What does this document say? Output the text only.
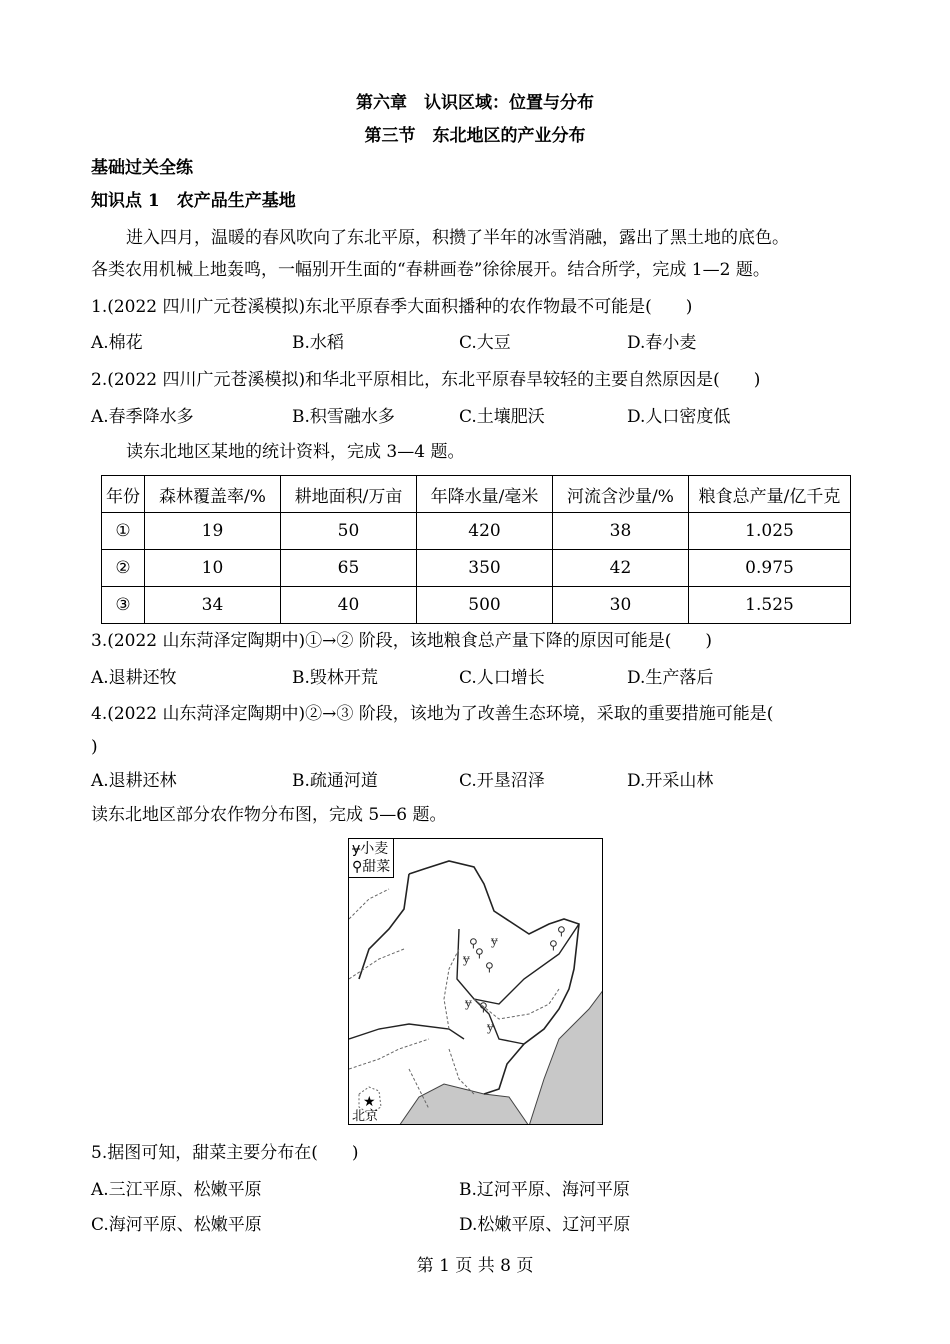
第六章　认识区域：位置与分布
第三节　东北地区的产业分布
基础过关全练
知识点 1　农产品生产基地
进入四月，温暖的春风吹向了东北平原，积攒了半年的冰雪消融，露出了黑土地的底色。
各类农用机械上地轰鸣，一幅别开生面的“春耕画卷”徐徐展开。结合所学，完成 1—2 题。
1.(2022 四川广元苍溪模拟)东北平原春季大面积播种的农作物最不可能是(　　)
A.棉花	B.水稻	C.大豆	D.春小麦
2.(2022 四川广元苍溪模拟)和华北平原相比，东北平原春旱较轻的主要自然原因是(　　)
A.春季降水多	B.积雪融水多	C.土壤肥沃	D.人口密度低
读东北地区某地的统计资料，完成 3—4 题。
年份	森林覆盖率/%	耕地面积/万亩	年降水量/毫米	河流含沙量/%	粮食总产量/亿千克
①	19	50	420	38	1.025
②	10	65	350	42	0.975
③	34	40	500	30	1.525
3.(2022 山东菏泽定陶期中)①→② 阶段，该地粮食总产量下降的原因可能是(　　)
A.退耕还牧	B.毁林开荒	C.人口增长	D.生产落后
4.(2022 山东菏泽定陶期中)②→③ 阶段，该地为了改善生态环境，采取的重要措施可能是(
)
A.退耕还林	B.疏通河道	C.开垦沼泽	D.开采山林
读东北地区部分农作物分布图，完成 5—6 题。
★
ɏ小麦
⚲甜菜
⚲
⚲
⚲
ɏ
ɏ
⚲
⚲
⚲
ɏ
ɏ
北京
5.据图可知，甜菜主要分布在(　　)
A.三江平原、松嫩平原	B.辽河平原、海河平原
C.海河平原、松嫩平原	D.松嫩平原、辽河平原
第 1 页 共 8 页
